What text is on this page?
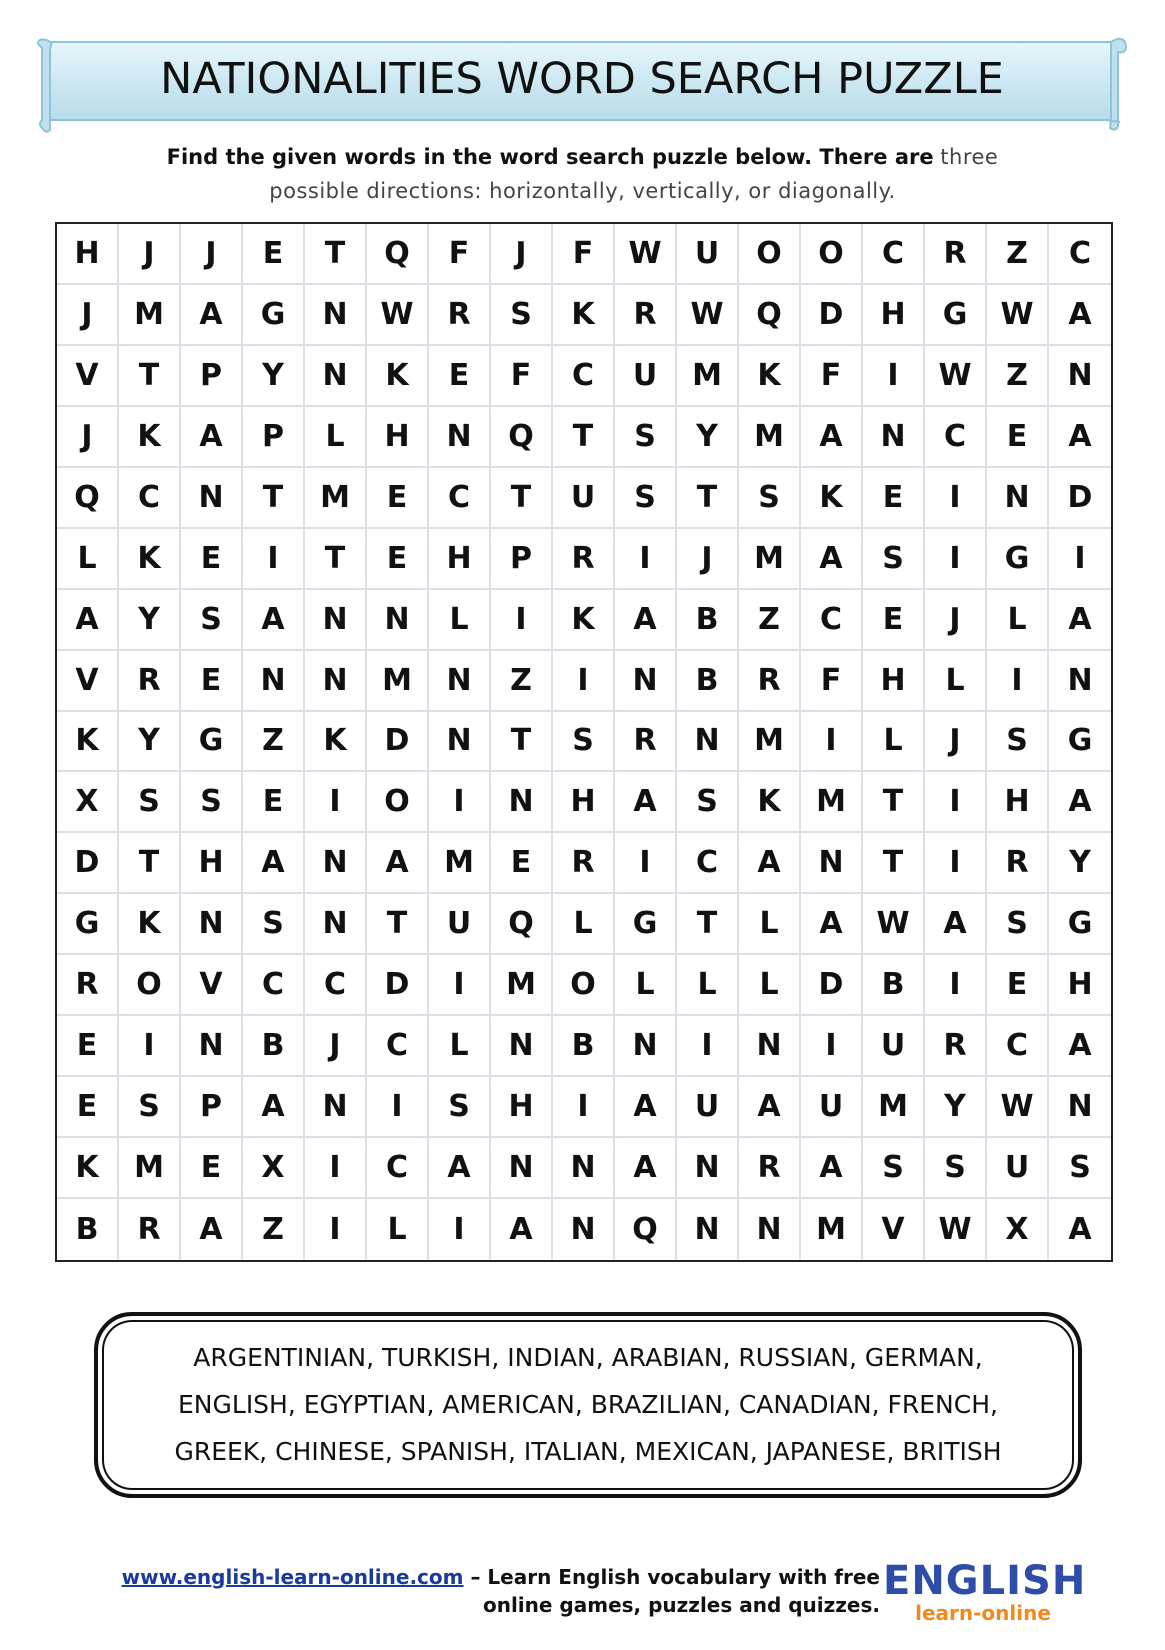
NATIONALITIES WORD SEARCH PUZZLE
Find the given words in the word search puzzle below. There are three
possible directions: horizontally, vertically, or diagonally.
H	J	J	E	T	Q	F	J	F	W	U	O	O	C	R	Z	C
J	M	A	G	N	W	R	S	K	R	W	Q	D	H	G	W	A
V	T	P	Y	N	K	E	F	C	U	M	K	F	I	W	Z	N
J	K	A	P	L	H	N	Q	T	S	Y	M	A	N	C	E	A
Q	C	N	T	M	E	C	T	U	S	T	S	K	E	I	N	D
L	K	E	I	T	E	H	P	R	I	J	M	A	S	I	G	I
A	Y	S	A	N	N	L	I	K	A	B	Z	C	E	J	L	A
V	R	E	N	N	M	N	Z	I	N	B	R	F	H	L	I	N
K	Y	G	Z	K	D	N	T	S	R	N	M	I	L	J	S	G
X	S	S	E	I	O	I	N	H	A	S	K	M	T	I	H	A
D	T	H	A	N	A	M	E	R	I	C	A	N	T	I	R	Y
G	K	N	S	N	T	U	Q	L	G	T	L	A	W	A	S	G
R	O	V	C	C	D	I	M	O	L	L	L	D	B	I	E	H
E	I	N	B	J	C	L	N	B	N	I	N	I	U	R	C	A
E	S	P	A	N	I	S	H	I	A	U	A	U	M	Y	W	N
K	M	E	X	I	C	A	N	N	A	N	R	A	S	S	U	S
B	R	A	Z	I	L	I	A	N	Q	N	N	M	V	W	X	A
ARGENTINIAN, TURKISH, INDIAN, ARABIAN, RUSSIAN, GERMAN,
ENGLISH, EGYPTIAN, AMERICAN, BRAZILIAN, CANADIAN, FRENCH,
GREEK, CHINESE, SPANISH, ITALIAN, MEXICAN, JAPANESE, BRITISH
www.english-learn-online.com – Learn English vocabulary with free
online games, puzzles and quizzes.
ENGLISH
learn-online
